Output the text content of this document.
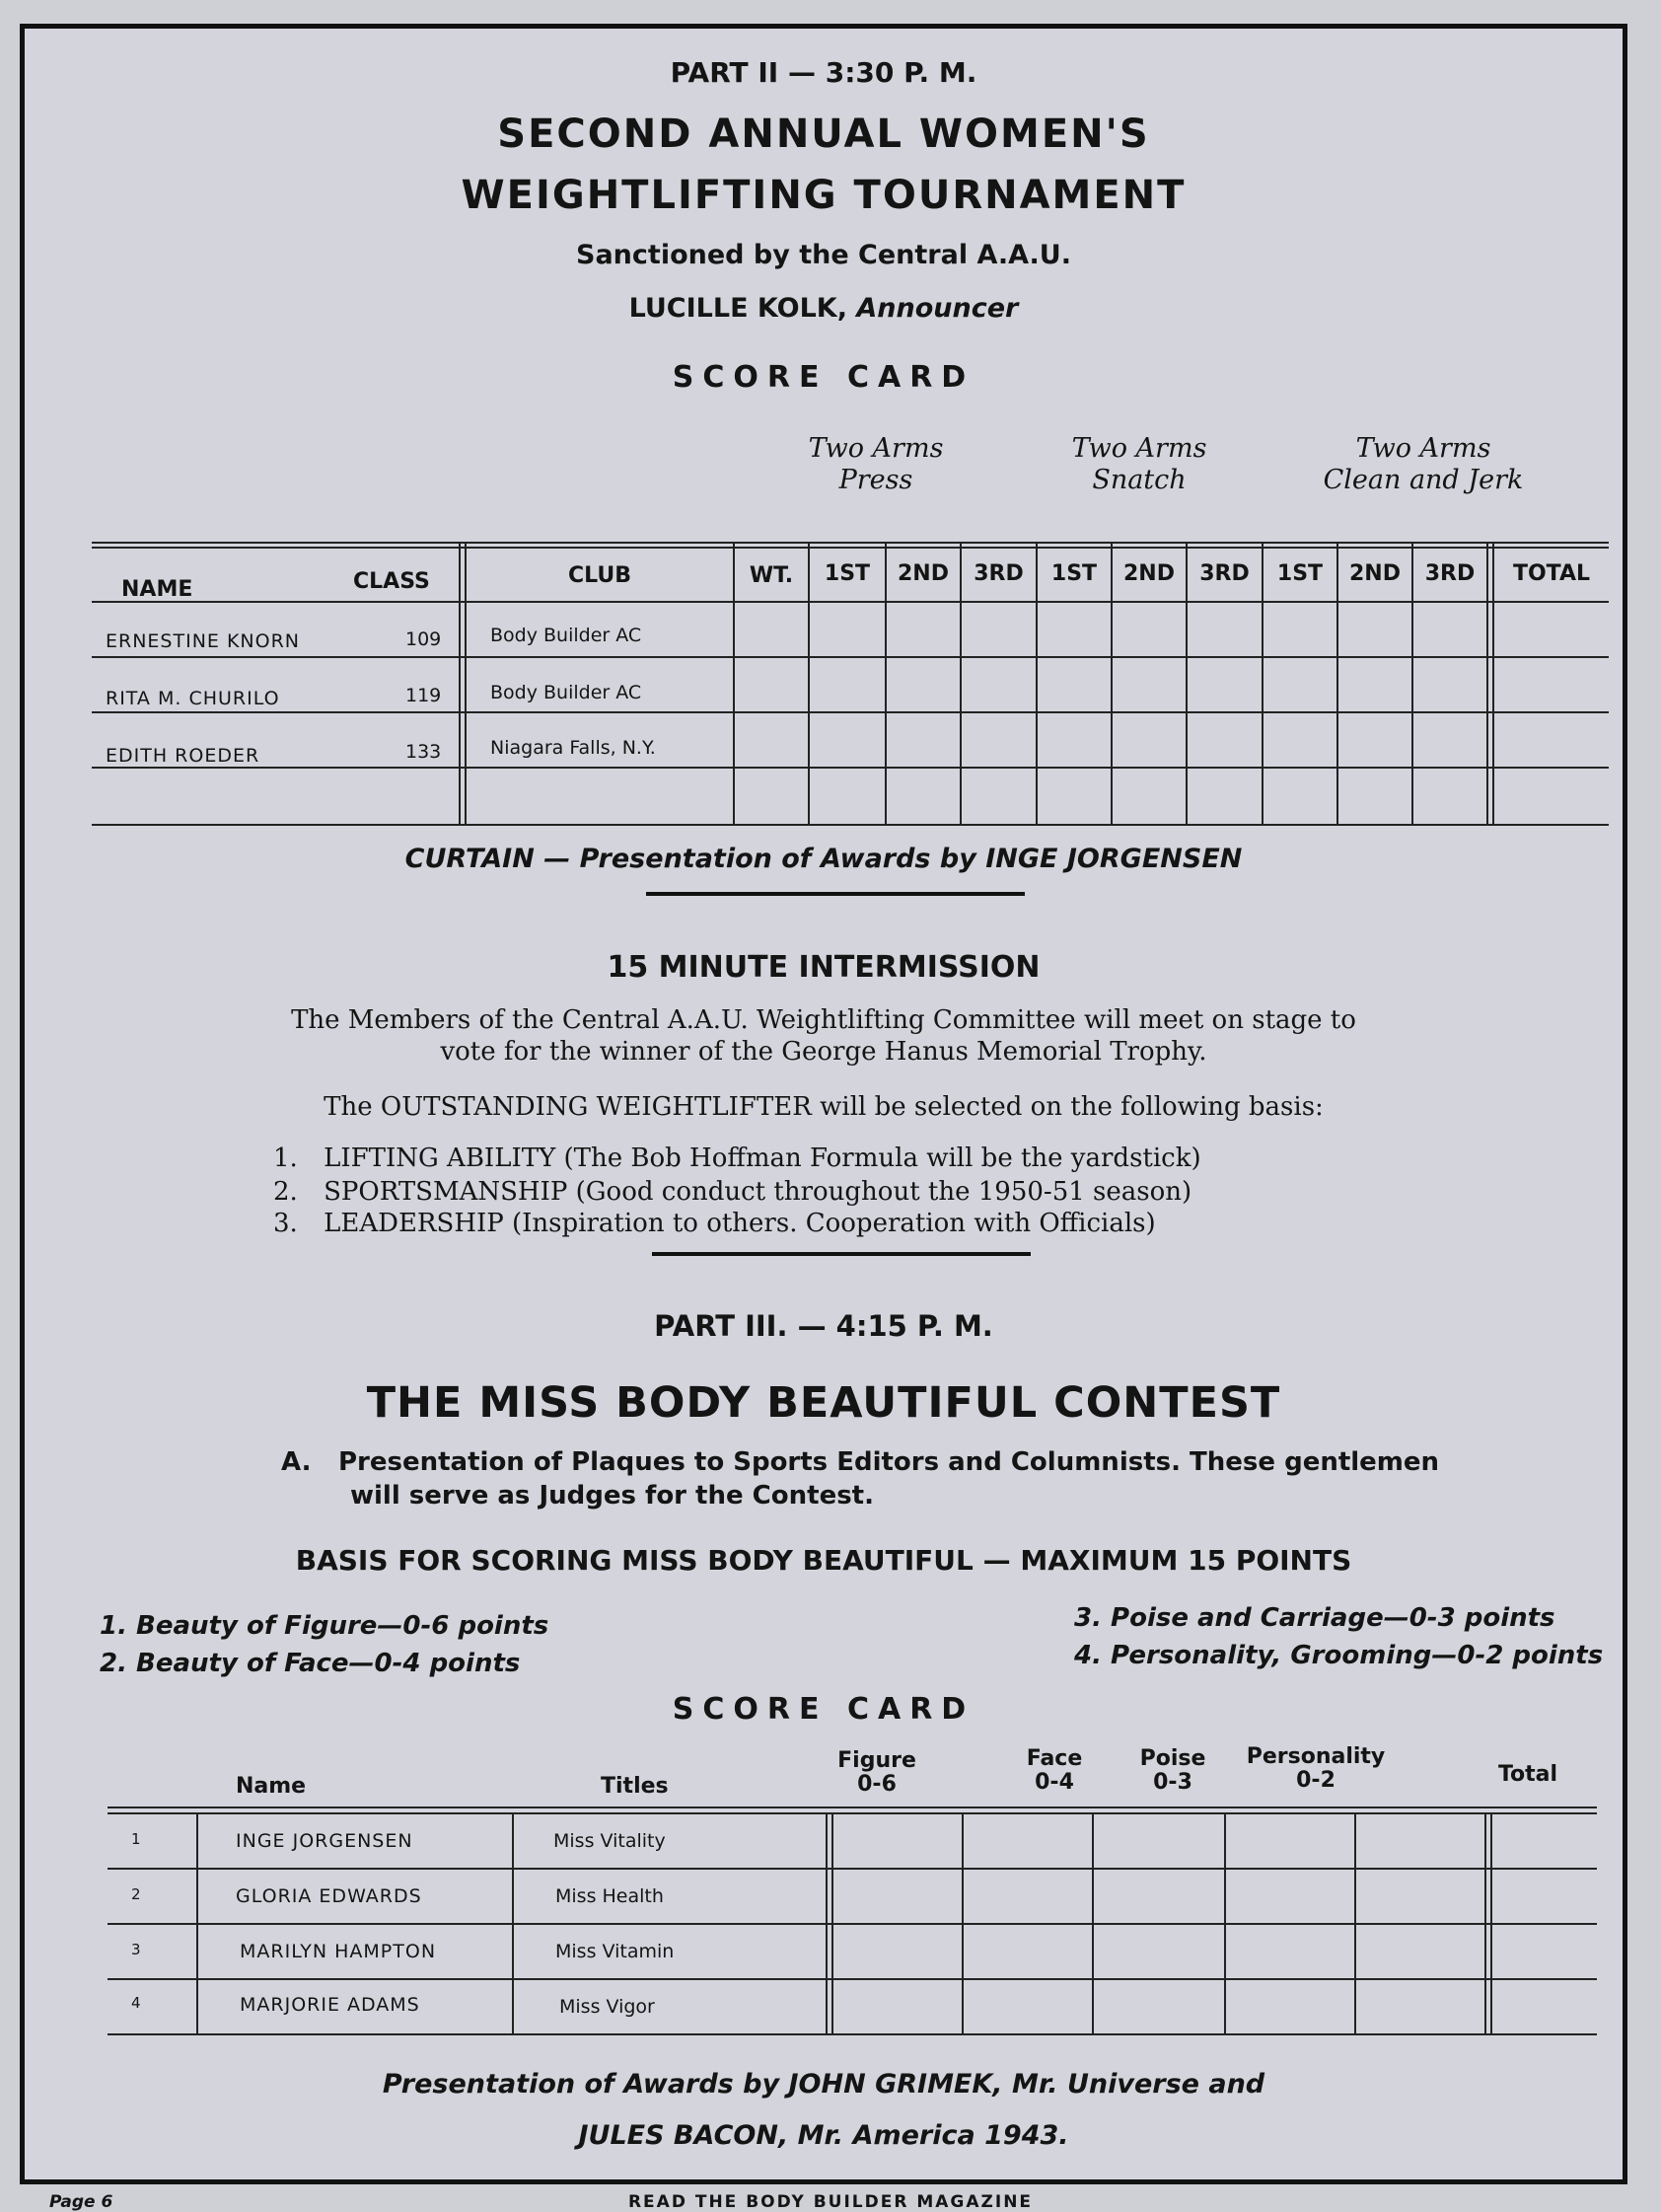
PART II — 3:30 P. M.
SECOND ANNUAL WOMEN'S
WEIGHTLIFTING TOURNAMENT
Sanctioned by the Central A.A.U.
LUCILLE KOLK, Announcer
SCORE CARD
Two Arms
Press
Two Arms
Snatch
Two Arms
Clean and Jerk
NAME	CLASS	CLUB	WT.	1ST	2ND	3RD	1ST	2ND	3RD	1ST	2ND	3RD	TOTAL
ERNESTINE KNORN	109	Body Builder AC
RITA M. CHURILO	119	Body Builder AC
EDITH ROEDER	133	Niagara Falls, N.Y.
CURTAIN — Presentation of Awards by INGE JORGENSEN
15 MINUTE INTERMISSION
The Members of the Central A.A.U. Weightlifting Committee will meet on stage to
vote for the winner of the George Hanus Memorial Trophy.
The OUTSTANDING WEIGHTLIFTER will be selected on the following basis:
1. LIFTING ABILITY (The Bob Hoffman Formula will be the yardstick)
2. SPORTSMANSHIP (Good conduct throughout the 1950-51 season)
3. LEADERSHIP (Inspiration to others. Cooperation with Officials)
PART III. — 4:15 P. M.
THE MISS BODY BEAUTIFUL CONTEST
A. Presentation of Plaques to Sports Editors and Columnists. These gentlemen
will serve as Judges for the Contest.
BASIS FOR SCORING MISS BODY BEAUTIFUL — MAXIMUM 15 POINTS
1. Beauty of Figure—0-6 points
2. Beauty of Face—0-4 points
3. Poise and Carriage—0-3 points
4. Personality, Grooming—0-2 points
SCORE CARD
Name	Titles
Figure
0-6
Face
0-4
Poise
0-3
Personality
0-2	Total
1	INGE JORGENSEN	Miss Vitality
2	GLORIA EDWARDS	Miss Health
3	MARILYN HAMPTON	Miss Vitamin
4	MARJORIE ADAMS	Miss Vigor
Presentation of Awards by JOHN GRIMEK, Mr. Universe and
JULES BACON, Mr. America 1943.
Page 6	READ THE BODY BUILDER MAGAZINE
